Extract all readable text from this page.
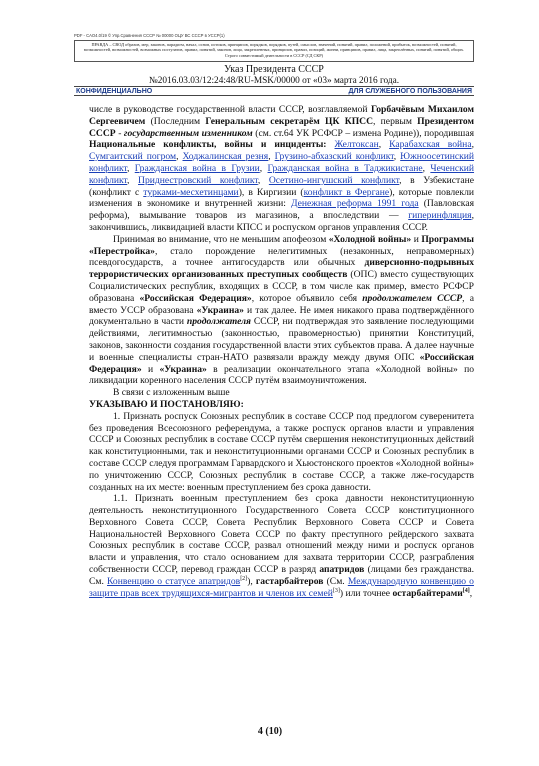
PDF - CAO4.0/19 © Упр.Сравнения СССР № 00000 ОЦУ ВС СССР в УССР(1)
ПРАВДА – СВОД образов, мер, законов, парадигм, начал, основ, истоков, принципов, порядков, порядков, путей, смыслов, значений, понятий, правил, положений, прибыток, возможностей, понятий, возможностей, возможностей, возможных постулатов, правил, понятий, законов, лица, закрепленных, принципов, правил, позиций, жизни, принципов, правил, лица, закреплённых, понятий, понятий, общих. Строго совместимый деятельности в СССР (СД СКР)
Указ Президента СССР
№2016.03.03/12:24:48/RU-MSK/00000 от «03» марта 2016 года.
КОНФИДЕНЦИАЛЬНО	ДЛЯ СЛУЖЕБНОГО ПОЛЬЗОВАНИЯ

числе в руководстве государственной власти СССР, возглавляемой Горбачёвым Михаилом Сергеевичем (Последним Генеральным секретарём ЦК КПСС, первым Президентом СССР - государственным изменником (см. ст.64 УК РСФСР – измена Родине)), породившая Национальные конфликты, войны и инциденты: Желтоксан, Карабахская война, Сумгаитский погром, Ходжалинская резня, Грузино-абхазский конфликт, Южноосетинский конфликт, Гражданская война в Грузии, Гражданская война в Таджикистане, Чеченский конфликт, Приднестровский конфликт, Осетино-ингушский конфликт, в Узбекистане (конфликт с турками-месхетинцами), в Киргизии (конфликт в Фергане), которые повлекли изменения в экономике и внутренней жизни: Денежная реформа 1991 года (Павловская реформа), вымывание товаров из магазинов, а впоследствии — гиперинфляция, закончившись, ликвидацией власти КПСС и роспуском органов управления СССР.

Принимая во внимание, что не меньшим апофеозом «Холодной войны» и Программы «Перестройка», стало порождение нелегитимных (незаконных, неправомерных) псевдогосударств, а точнее антигосударств или обычных диверсионно-подрывных террористических организованных преступных сообществ (ОПС) вместо существующих Социалистических республик, входящих в СССР, в том числе как пример, вместо РСФСР образована «Российская Федерация», которое объявило себя продолжателем СССР, а вместо УССР образована «Украина» и так далее. Не имея никакого права подтверждённого документально в части продолжателя СССР, ни подтверждая это заявление последующими действиями, легитимностью (законностью, правомерностью) принятии Конституций, законов, законности создания государственной власти этих субъектов права. А далее научные и военные специалисты стран-НАТО развязали вражду между двумя ОПС «Российская Федерация» и «Украина» в реализации окончательного этапа «Холодной войны» по ликвидации коренного населения СССР путём взаимоуничтожения.

В связи с изложенным выше

УКАЗЫВАЮ И ПОСТАНОВЛЯЮ:

1. Признать роспуск Союзных республик в составе СССР под предлогом суверенитета без проведения Всесоюзного референдума, а также роспуск органов власти и управления СССР и Союзных республик в составе СССР путём свершения неконституционных действий как конституционными, так и неконституционными органами СССР и Союзных республик в составе СССР следуя программам Гарвардского и Хьюстонского проектов «Холодной войны» по уничтожению СССР, Союзных республик в составе СССР, а также лже-государств созданных на их месте: военным преступлением без срока давности.

1.1. Признать военным преступлением без срока давности неконституционную деятельность неконституционного Государственного Совета СССР конституционного Верховного Совета СССР, Совета Республик Верховного Совета СССР и Совета Национальностей Верховного Совета СССР по факту преступного рейдерского захвата Союзных республик в составе СССР, развал отношений между ними и роспуск органов власти и управления, что стало основанием для захвата территории СССР, разграбления собственности СССР, перевод граждан СССР в разряд апатридов (лицами без гражданства. См. Конвенцию о статусе апатридов[2]), гастарбайтеров (См. Международную конвенцию о защите прав всех трудящихся-мигрантов и членов их семей[3]) или точнее остарбайтерами[4],

4 (10)
